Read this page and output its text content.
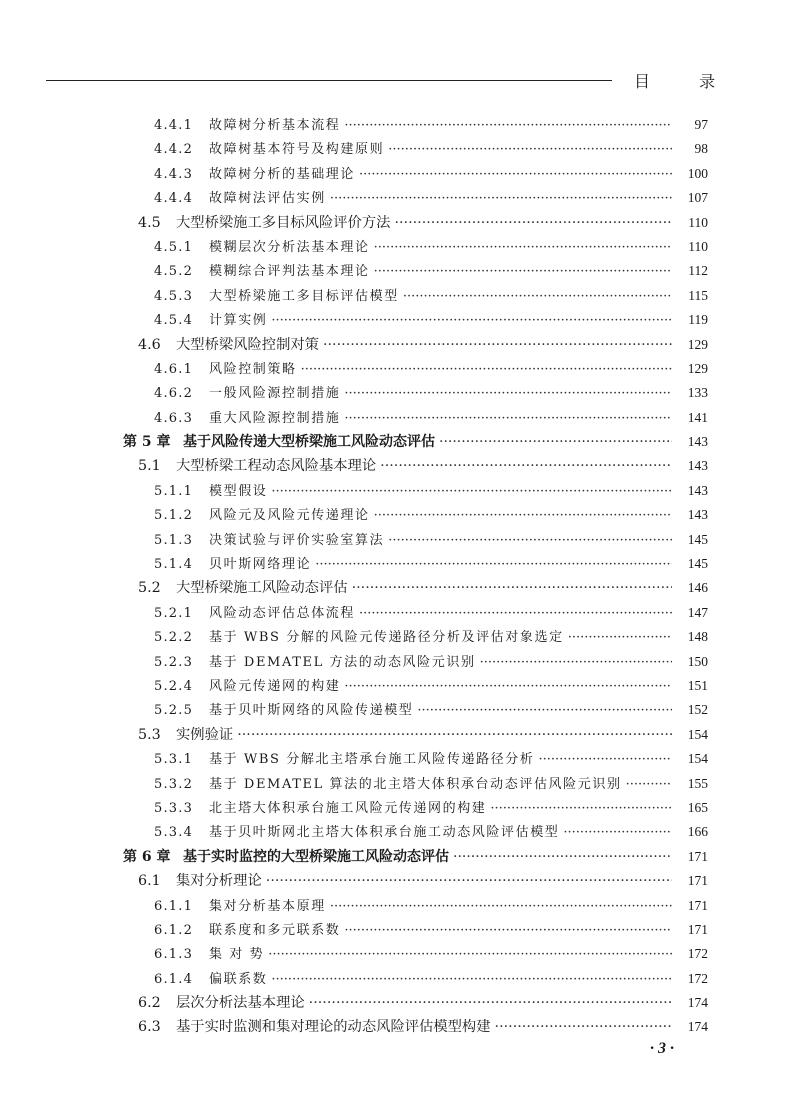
目 录
4.4.1	故障树分析基本流程 ·····	97
4.4.2	故障树基本符号及构建原则 ·····	98
4.4.3	故障树分析的基础理论 ·····	100
4.4.4	故障树法评估实例 ·····	107
4.5	大型桥梁施工多目标风险评价方法 ·····	110
4.5.1	模糊层次分析法基本理论 ·····	110
4.5.2	模糊综合评判法基本理论 ·····	112
4.5.3	大型桥梁施工多目标评估模型 ·····	115
4.5.4	计算实例 ·····	119
4.6	大型桥梁风险控制对策 ·····	129
4.6.1	风险控制策略 ·····	129
4.6.2	一般风险源控制措施 ·····	133
4.6.3	重大风险源控制措施 ·····	141
第 5 章 基于风险传递大型桥梁施工风险动态评估 ·····	143
5.1	大型桥梁工程动态风险基本理论 ·····	143
5.1.1	模型假设 ·····	143
5.1.2	风险元及风险元传递理论 ·····	143
5.1.3	决策试验与评价实验室算法 ·····	145
5.1.4	贝叶斯网络理论 ·····	145
5.2	大型桥梁施工风险动态评估 ·····	146
5.2.1	风险动态评估总体流程 ·····	147
5.2.2	基于 WBS 分解的风险元传递路径分析及评估对象选定 ·····	148
5.2.3	基于 DEMATEL 方法的动态风险元识别 ·····	150
5.2.4	风险元传递网的构建 ·····	151
5.2.5	基于贝叶斯网络的风险传递模型 ·····	152
5.3	实例验证 ·····	154
5.3.1	基于 WBS 分解北主塔承台施工风险传递路径分析 ·····	154
5.3.2	基于 DEMATEL 算法的北主塔大体积承台动态评估风险元识别 ·····	155
5.3.3	北主塔大体积承台施工风险元传递网的构建 ·····	165
5.3.4	基于贝叶斯网北主塔大体积承台施工动态风险评估模型 ·····	166
第 6 章 基于实时监控的大型桥梁施工风险动态评估 ·····	171
6.1	集对分析理论 ·····	171
6.1.1	集对分析基本原理 ·····	171
6.1.2	联系度和多元联系数 ·····	171
6.1.3	集 对 势 ·····	172
6.1.4	偏联系数 ·····	172
6.2	层次分析法基本理论 ·····	174
6.3	基于实时监测和集对理论的动态风险评估模型构建 ·····	174
· 3 ·
